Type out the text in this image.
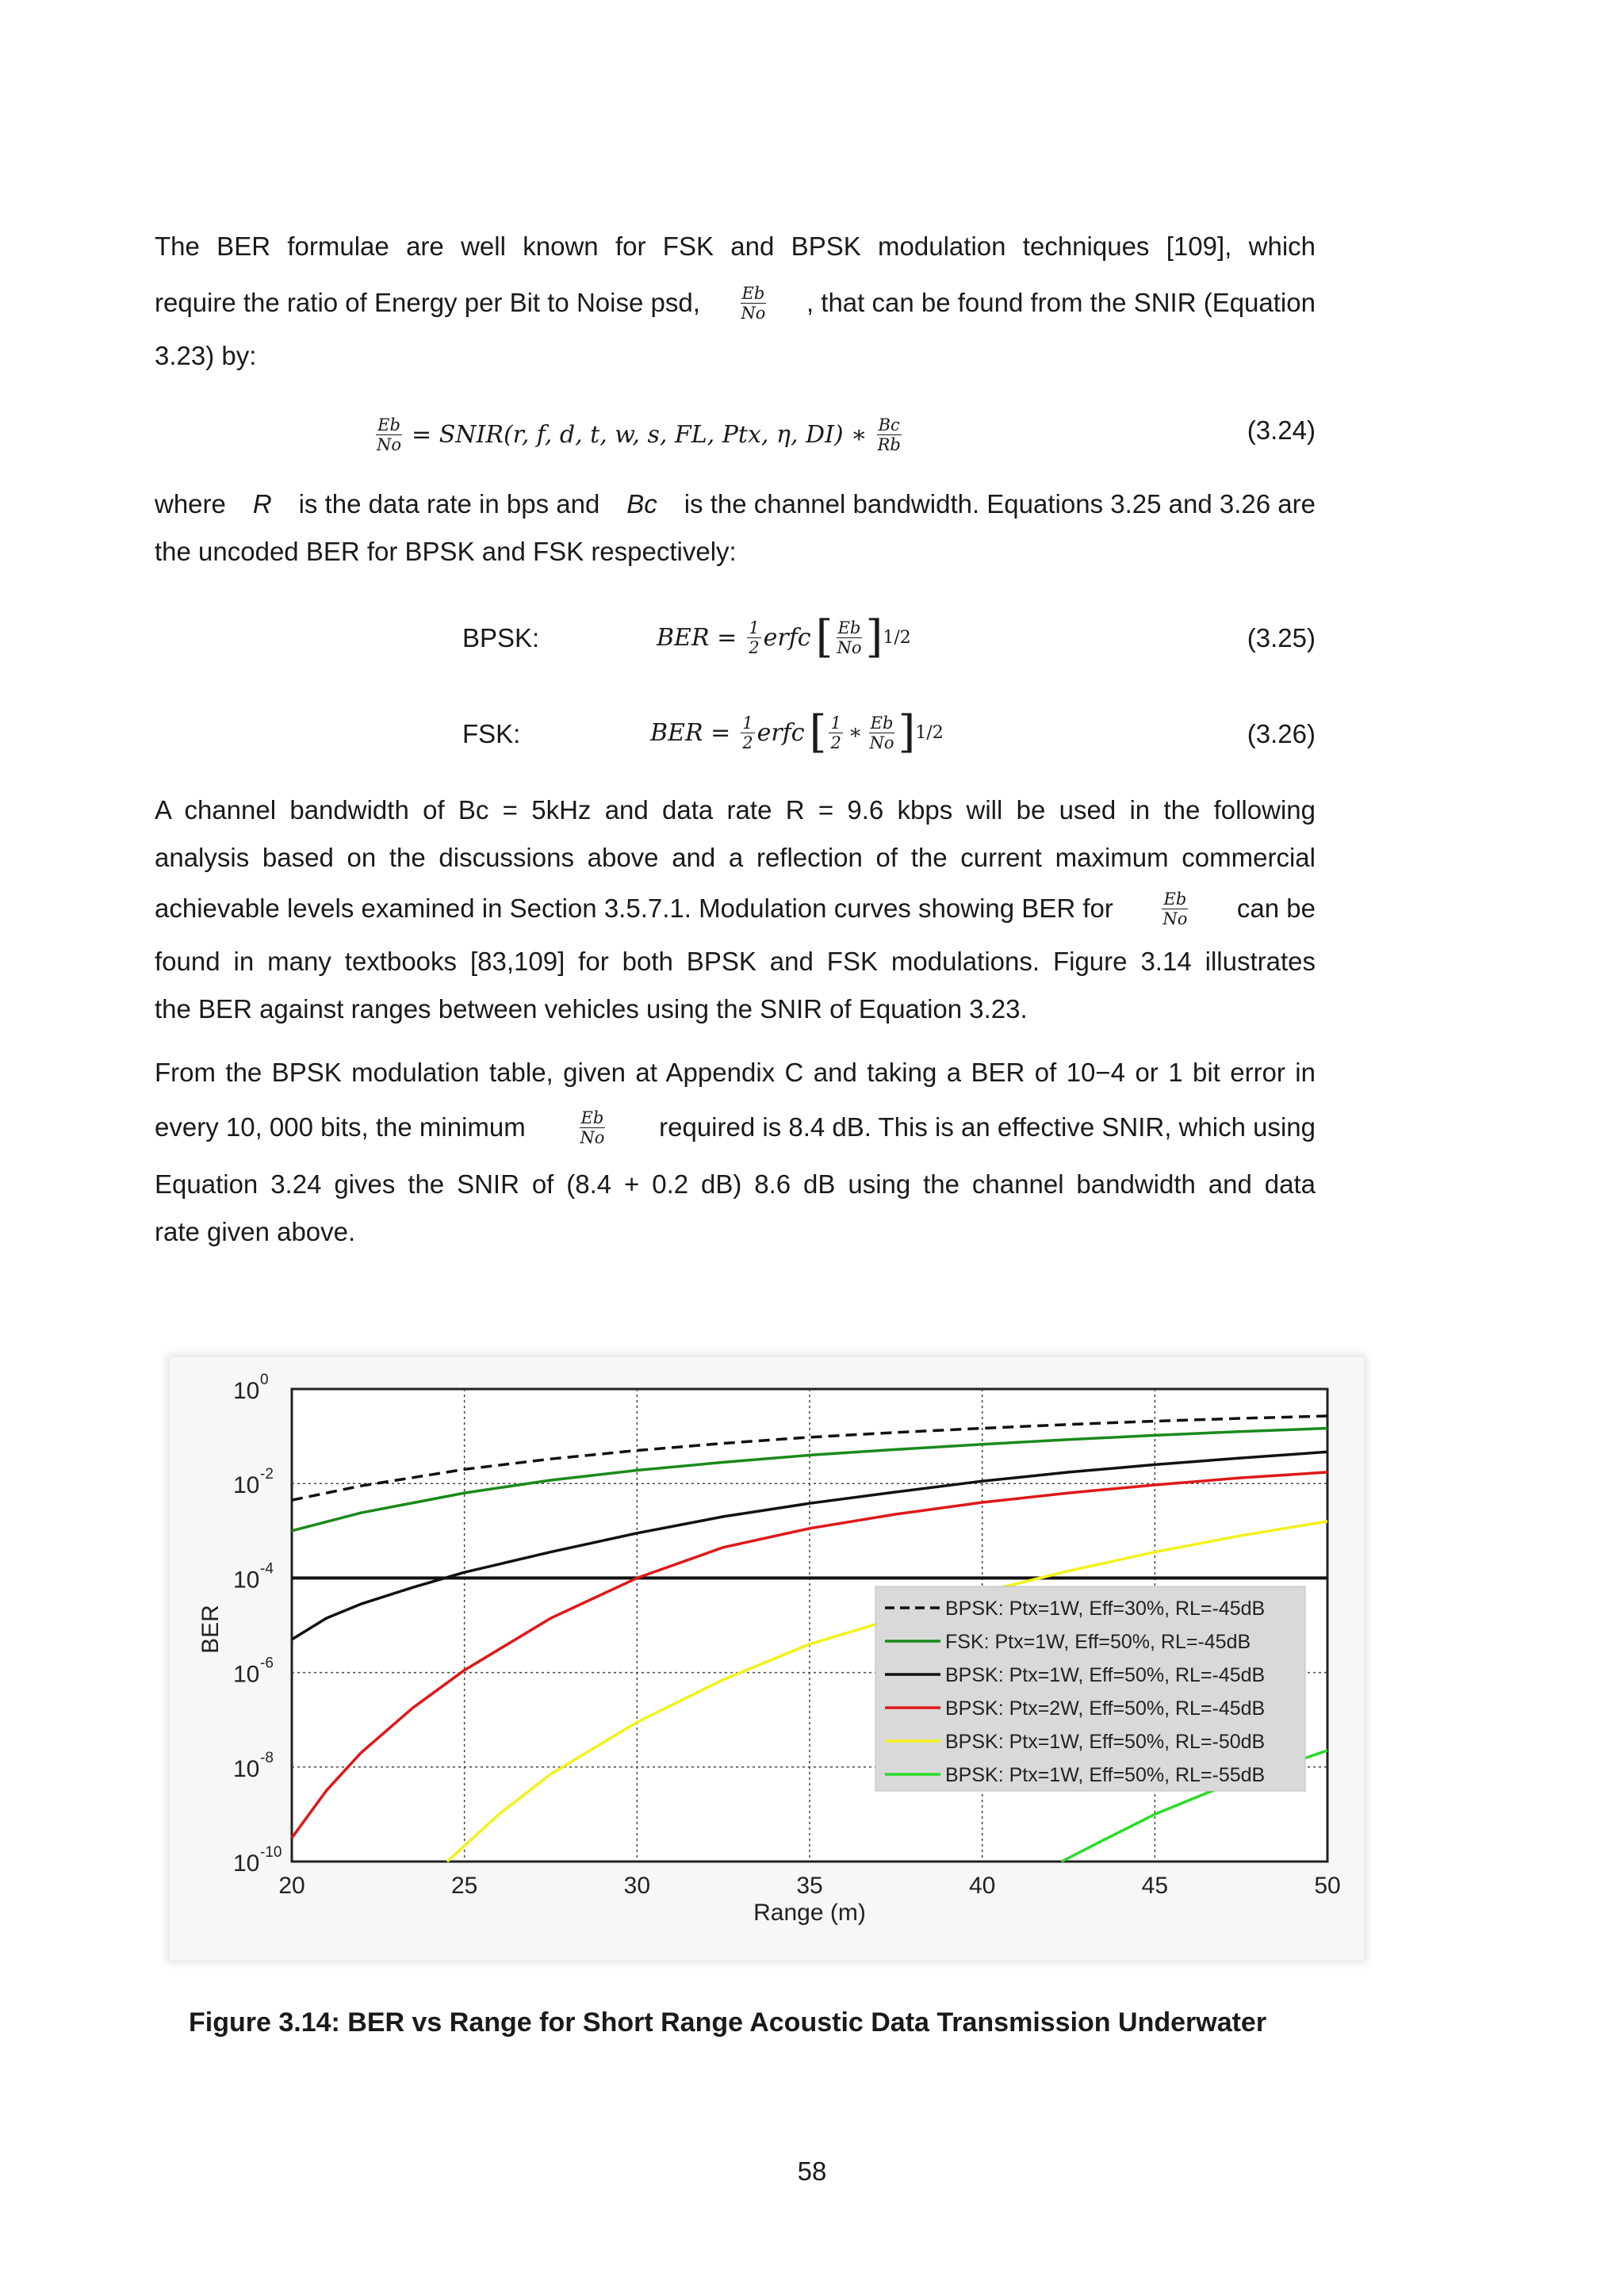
The BER formulae are well known for FSK and BPSK modulation techniques [109], which
require the ratio of Energy per Bit to Noise psd, $\frac{Eb}{No}$ , that can be found from the SNIR (Equation
3.23) by:
$\frac{Eb}{No}$ = SNIR(r, f, d, t, w, s, FL, Ptx, η, DI) ∗ $\frac{Bc}{Rb}$	(3.24)
where R is the data rate in bps and Bc is the channel bandwidth. Equations 3.25 and 3.26 are
the uncoded BER for BPSK and FSK respectively:
BPSK:	BER = $\frac{1}{2}$ erfc [ $\frac{Eb}{No}$ ] 1/2	(3.25)
FSK:	BER = $\frac{1}{2}$ erfc [ $\frac{1}{2}$ ∗ $\frac{Eb}{No}$ ] 1/2	(3.26)
A channel bandwidth of Bc = 5kHz and data rate R = 9.6 kbps will be used in the following
analysis based on the discussions above and a reflection of the current maximum commercial
achievable levels examined in Section 3.5.7.1. Modulation curves showing BER for	$\frac{Eb}{No}$ can be
found in many textbooks [83,109] for both BPSK and FSK modulations. Figure 3.14 illustrates
the BER against ranges between vehicles using the SNIR of Equation 3.23.
From the BPSK modulation table, given at Appendix C and taking a BER of 10−4 or 1 bit error in
every 10, 000 bits, the minimum	$\frac{Eb}{No}$ required is 8.4 dB. This is an effective SNIR, which using
Equation 3.24 gives the SNIR of (8.4 + 0.2 dB) 8.6 dB using the channel bandwidth and data
rate given above.
20	25	30	35	40	45	50
10 0
10 -2
10 -4
10 -6
10 -8
10 -10
Range (m)
BER	BPSK: Ptx=1W, Eff=30%, RL=-45dB
FSK: Ptx=1W, Eff=50%, RL=-45dB
BPSK: Ptx=1W, Eff=50%, RL=-45dB
BPSK: Ptx=2W, Eff=50%, RL=-45dB
BPSK: Ptx=1W, Eff=50%, RL=-50dB
BPSK: Ptx=1W, Eff=50%, RL=-55dB
Figure 3.14: BER vs Range for Short Range Acoustic Data Transmission Underwater
58
